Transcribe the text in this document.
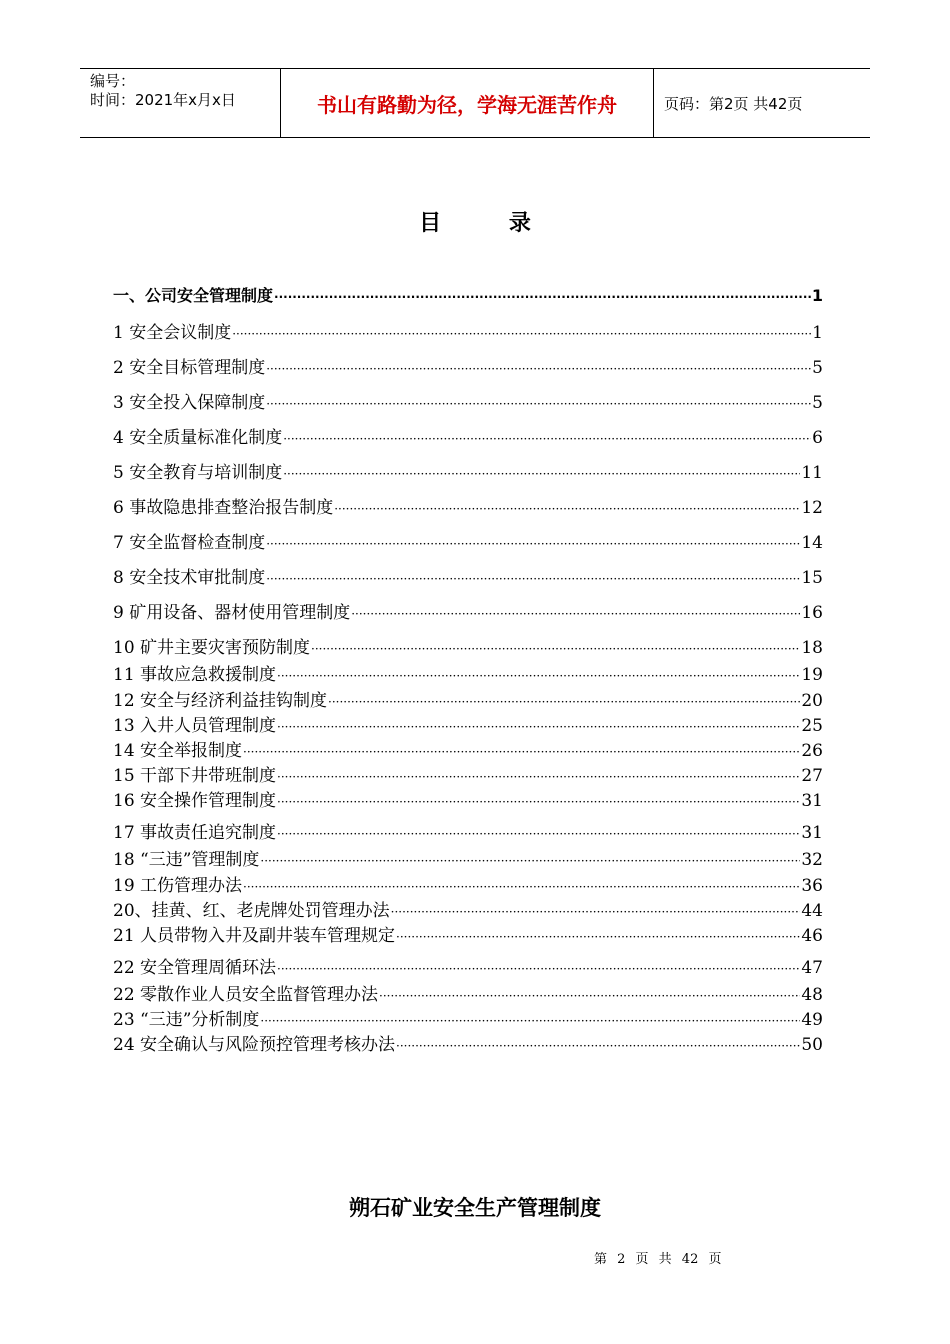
编号：
时间：2021年x月x日	书山有路勤为径，学海无涯苦作舟	页码：第2页 共42页
目 录
一、公司安全管理制度 ·····	1
1 安全会议制度 ·····	1
2 安全目标管理制度 ·····	5
3 安全投入保障制度 ·····	5
4 安全质量标准化制度 ·····	6
5 安全教育与培训制度 ·····	11
6 事故隐患排查整治报告制度 ·····	12
7 安全监督检查制度 ·····	14
8 安全技术审批制度 ·····	15
9 矿用设备、器材使用管理制度 ·····	16
10 矿井主要灾害预防制度 ·····	18
11 事故应急救援制度 ·····	19
12 安全与经济利益挂钩制度 ·····	20
13 入井人员管理制度 ·····	25
14 安全举报制度 ·····	26
15 干部下井带班制度 ·····	27
16 安全操作管理制度 ·····	31
17 事故责任追究制度 ·····	31
18 “三违”管理制度 ·····	32
19 工伤管理办法 ·····	36
20、挂黄、红、老虎牌处罚管理办法 ·····	44
21 人员带物入井及副井装车管理规定 ·····	46
22 安全管理周循环法 ·····	47
22 零散作业人员安全监督管理办法 ·····	48
23 “三违”分析制度 ·····	49
24 安全确认与风险预控管理考核办法 ·····	50
朔石矿业安全生产管理制度
第 2 页 共 42 页
